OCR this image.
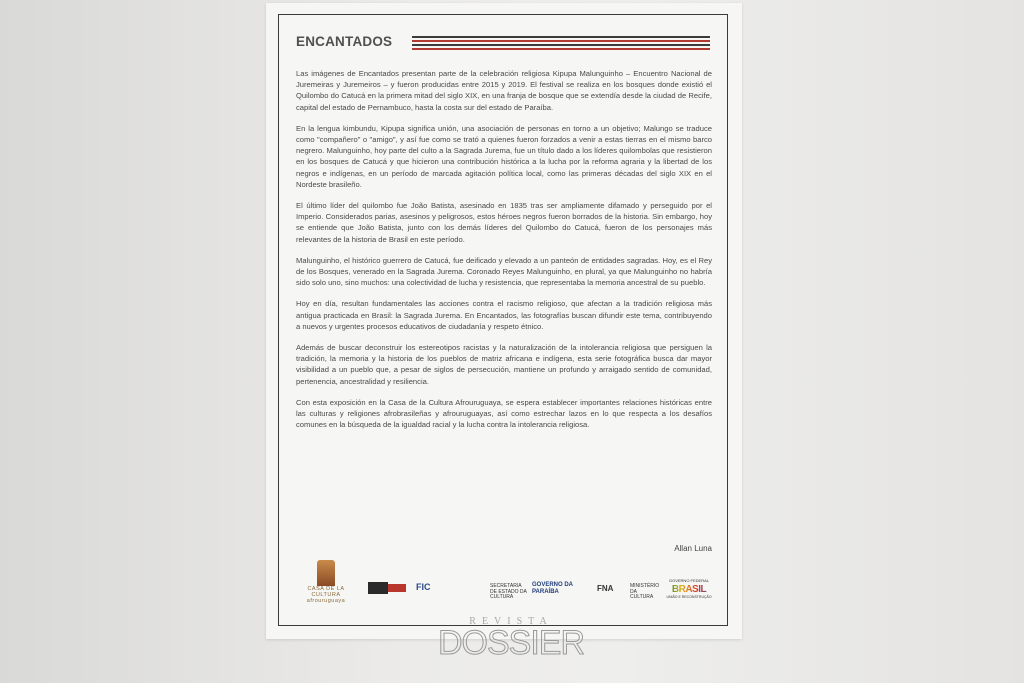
ENCANTADOS

Las imágenes de Encantados presentan parte de la celebración religiosa Kipupa Malunguinho – Encuentro Nacional de Juremeiras y Juremeiros – y fueron producidas entre 2015 y 2019. El festival se realiza en los bosques donde existió el Quilombo do Catucá en la primera mitad del siglo XIX, en una franja de bosque que se extendía desde la ciudad de Recife, capital del estado de Pernambuco, hasta la costa sur del estado de Paraíba.

En la lengua kimbundu, Kipupa significa unión, una asociación de personas en torno a un objetivo; Malungo se traduce como "compañero" o "amigo", y así fue como se trató a quienes fueron forzados a venir a estas tierras en el mismo barco negrero. Malunguinho, hoy parte del culto a la Sagrada Jurema, fue un título dado a los líderes quilombolas que resistieron en los bosques de Catucá y que hicieron una contribución histórica a la lucha por la reforma agraria y la libertad de los negros e indígenas, en un período de marcada agitación política local, como las primeras décadas del siglo XIX en el Nordeste brasileño.

El último líder del quilombo fue João Batista, asesinado en 1835 tras ser ampliamente difamado y perseguido por el Imperio. Considerados parias, asesinos y peligrosos, estos héroes negros fueron borrados de la historia. Sin embargo, hoy se entiende que João Batista, junto con los demás líderes del Quilombo do Catucá, fueron de los personajes más relevantes de la historia de Brasil en este período.

Malunguinho, el histórico guerrero de Catucá, fue deificado y elevado a un panteón de entidades sagradas. Hoy, es el Rey de los Bosques, venerado en la Sagrada Jurema. Coronado Reyes Malunguinho, en plural, ya que Malunguinho no habría sido solo uno, sino muchos: una colectividad de lucha y resistencia, que representaba la memoria ancestral de su pueblo.

Hoy en día, resultan fundamentales las acciones contra el racismo religioso, que afectan a la tradición religiosa más antigua practicada en Brasil: la Sagrada Jurema. En Encantados, las fotografías buscan difundir este tema, contribuyendo a nuevos y urgentes procesos educativos de ciudadanía y respeto étnico.

Además de buscar deconstruir los estereotipos racistas y la naturalización de la intolerancia religiosa que persiguen la tradición, la memoria y la historia de los pueblos de matriz africana e indígena, esta serie fotográfica busca dar mayor visibilidad a un pueblo que, a pesar de siglos de persecución, mantiene un profundo y arraigado sentido de comunidad, pertenencia, ancestralidad y resiliencia.

Con esta exposición en la Casa de la Cultura Afrouruguaya, se espera establecer importantes relaciones históricas entre las culturas y religiones afrobrasileñas y afrouruguayas, así como estrechar lazos en lo que respecta a los desafíos comunes en la búsqueda de la igualdad racial y la lucha contra la intolerancia religiosa.

Allan Luna
CASA DE LA
CULTURA
afrouruguaya
FIC	SECRETARIA DE ESTADO DA CULTURA
GOVERNO DA PARAÍBA	FNA	MINISTÉRIO DA CULTURA
GOVERNO FEDERAL
BRASIL
UNIÃO E RECONSTRUÇÃO
REVISTA
DOSSIER
